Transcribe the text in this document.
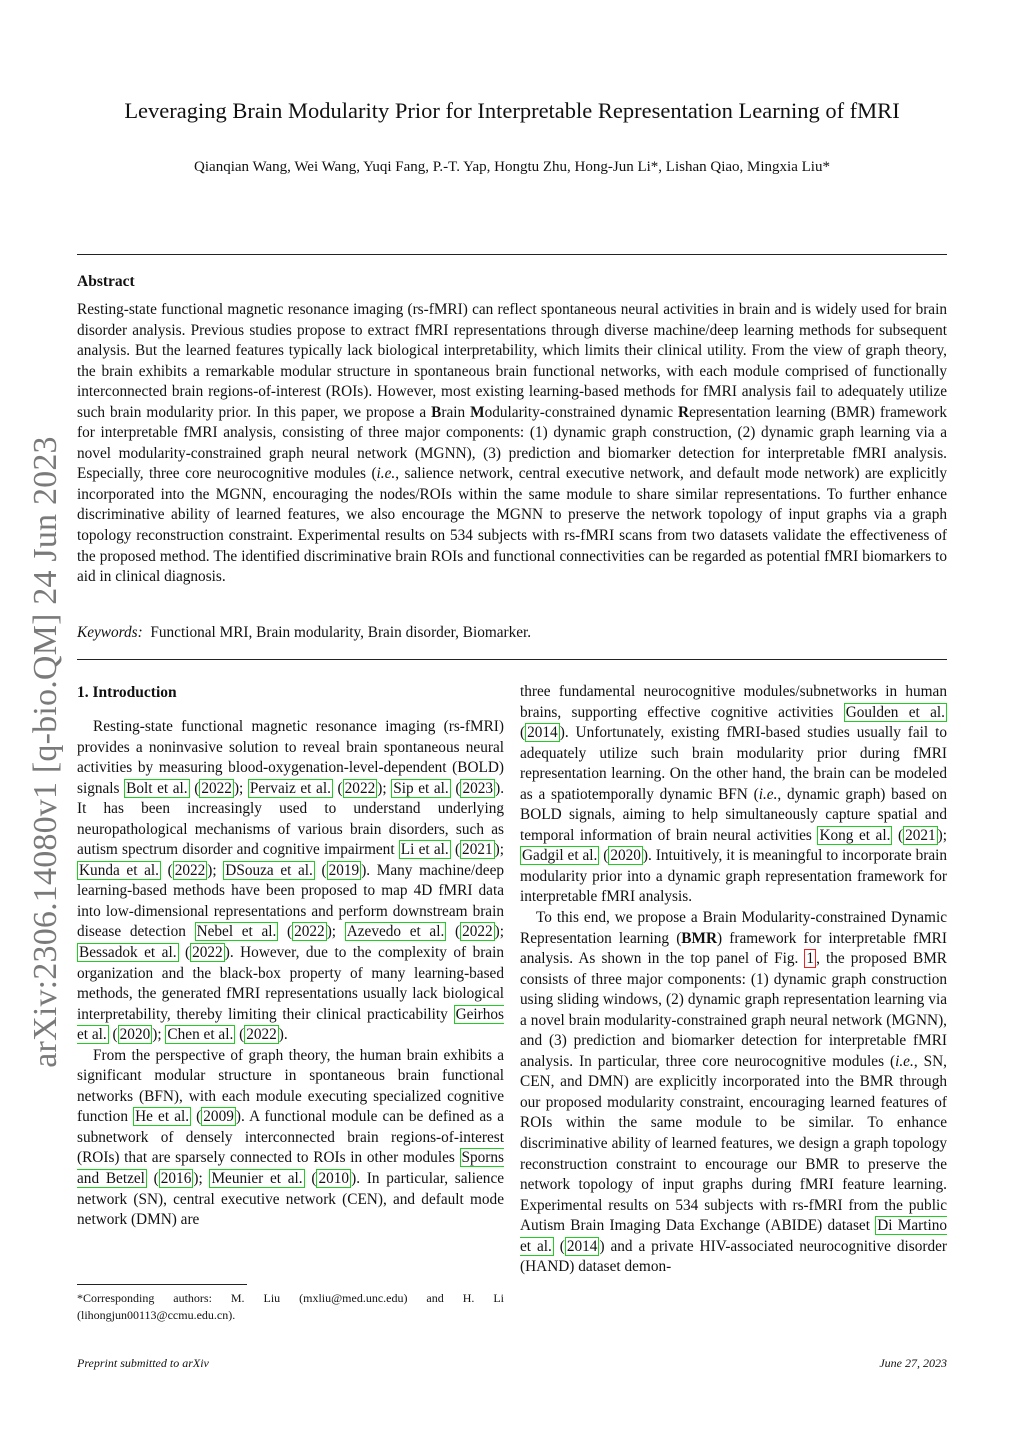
arXiv:2306.14080v1 [q-bio.QM] 24 Jun 2023
Leveraging Brain Modularity Prior for Interpretable Representation Learning of fMRI
Qianqian Wang, Wei Wang, Yuqi Fang, P.-T. Yap, Hongtu Zhu, Hong-Jun Li*, Lishan Qiao, Mingxia Liu*
Abstract

Resting-state functional magnetic resonance imaging (rs-fMRI) can reflect spontaneous neural activities in brain and is widely used for brain disorder analysis. Previous studies propose to extract fMRI representations through diverse machine/deep learning methods for subsequent analysis. But the learned features typically lack biological interpretability, which limits their clinical utility. From the view of graph theory, the brain exhibits a remarkable modular structure in spontaneous brain functional networks, with each module comprised of functionally interconnected brain regions-of-interest (ROIs). However, most existing learning-based methods for fMRI analysis fail to adequately utilize such brain modularity prior. In this paper, we propose a Brain Modularity-constrained dynamic Representation learning (BMR) framework for interpretable fMRI analysis, consisting of three major components: (1) dynamic graph construction, (2) dynamic graph learning via a novel modularity-constrained graph neural network (MGNN), (3) prediction and biomarker detection for interpretable fMRI analysis. Especially, three core neurocognitive modules (i.e., salience network, central executive network, and default mode network) are explicitly incorporated into the MGNN, encouraging the nodes/ROIs within the same module to share similar representations. To further enhance discriminative ability of learned features, we also encourage the MGNN to preserve the network topology of input graphs via a graph topology reconstruction constraint. Experimental results on 534 subjects with rs-fMRI scans from two datasets validate the effectiveness of the proposed method. The identified discriminative brain ROIs and functional connectivities can be regarded as potential fMRI biomarkers to aid in clinical diagnosis.

Keywords: Functional MRI, Brain modularity, Brain disorder, Biomarker.

1. Introduction

Resting-state functional magnetic resonance imaging (rs-fMRI) provides a noninvasive solution to reveal brain spontaneous neural activities by measuring blood-oxygenation-level-dependent (BOLD) signals Bolt et al. ( 2022 ); Pervaiz et al. ( 2022 ); Sip et al. ( 2023 ). It has been increasingly used to understand underlying neuropathological mechanisms of various brain disorders, such as autism spectrum disorder and cognitive impairment Li et al. ( 2021 ); Kunda et al. ( 2022 ); DSouza et al. ( 2019 ). Many machine/deep learning-based methods have been proposed to map 4D fMRI data into low-dimensional representations and perform downstream brain disease detection Nebel et al. ( 2022 ); Azevedo et al. ( 2022 ); Bessadok et al. ( 2022 ). However, due to the complexity of brain organization and the black-box property of many learning-based methods, the generated fMRI representations usually lack biological interpretability, thereby limiting their clinical practicability Geirhos et al. ( 2020 ); Chen et al. ( 2022 ).

From the perspective of graph theory, the human brain exhibits a significant modular structure in spontaneous brain functional networks (BFN), with each module executing specialized cognitive function He et al. ( 2009 ). A functional module can be defined as a subnetwork of densely interconnected brain regions-of-interest (ROIs) that are sparsely connected to ROIs in other modules Sporns and Betzel ( 2016 ); Meunier et al. ( 2010 ). In particular, salience network (SN), central executive network (CEN), and default mode network (DMN) are

three fundamental neurocognitive modules/subnetworks in human brains, supporting effective cognitive activities Goulden et al. ( 2014 ). Unfortunately, existing fMRI-based studies usually fail to adequately utilize such brain modularity prior during fMRI representation learning. On the other hand, the brain can be modeled as a spatiotemporally dynamic BFN (i.e., dynamic graph) based on BOLD signals, aiming to help simultaneously capture spatial and temporal information of brain neural activities Kong et al. ( 2021 ); Gadgil et al. ( 2020 ). Intuitively, it is meaningful to incorporate brain modularity prior into a dynamic graph representation framework for interpretable fMRI analysis.

To this end, we propose a Brain Modularity-constrained Dynamic Representation learning (BMR) framework for interpretable fMRI analysis. As shown in the top panel of Fig. 1 , the proposed BMR consists of three major components: (1) dynamic graph construction using sliding windows, (2) dynamic graph representation learning via a novel brain modularity-constrained graph neural network (MGNN), and (3) prediction and biomarker detection for interpretable fMRI analysis. In particular, three core neurocognitive modules (i.e., SN, CEN, and DMN) are explicitly incorporated into the BMR through our proposed modularity constraint, encouraging learned features of ROIs within the same module to be similar. To enhance discriminative ability of learned features, we design a graph topology reconstruction constraint to encourage our BMR to preserve the network topology of input graphs during fMRI feature learning. Experimental results on 534 subjects with rs-fMRI from the public Autism Brain Imaging Data Exchange (ABIDE) dataset Di Martino et al. ( 2014 ) and a private HIV-associated neurocognitive disorder (HAND) dataset demon-

*Corresponding authors: M. Liu (mxliu@med.unc.edu) and H. Li (lihongjun00113@ccmu.edu.cn).

Preprint submitted to arXiv	June 27, 2023
